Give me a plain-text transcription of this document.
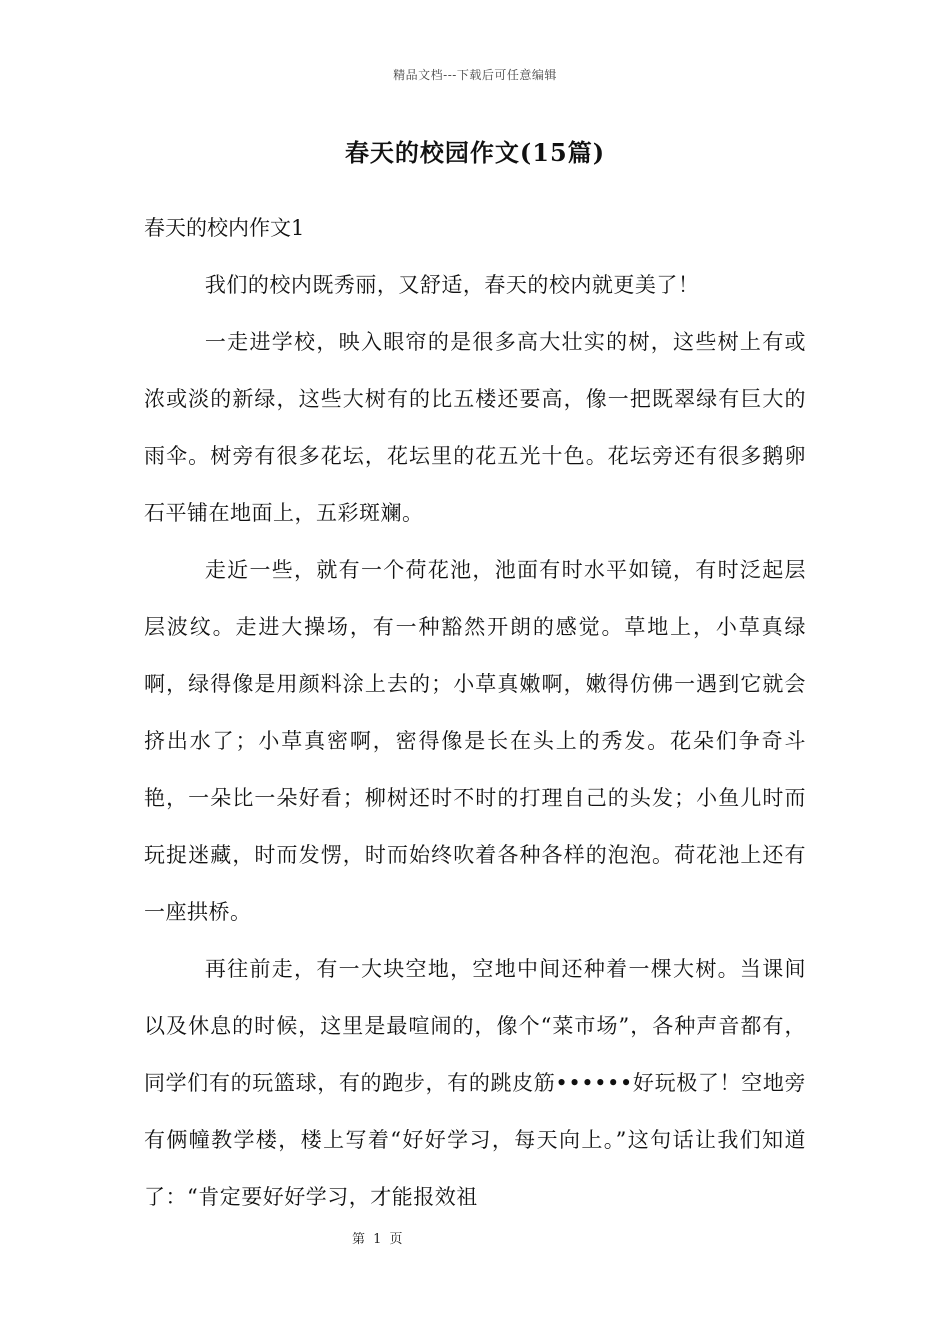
精品文档---下载后可任意编辑
春天的校园作文(15篇)

春天的校内作文1

我们的校内既秀丽，又舒适，春天的校内就更美了！

一走进学校，映入眼帘的是很多高大壮实的树，这些树上有或浓或淡的新绿，这些大树有的比五楼还要高，像一把既翠绿有巨大的雨伞。树旁有很多花坛，花坛里的花五光十色。花坛旁还有很多鹅卵石平铺在地面上，五彩斑斓。

走近一些，就有一个荷花池，池面有时水平如镜，有时泛起层层波纹。走进大操场，有一种豁然开朗的感觉。草地上，小草真绿啊，绿得像是用颜料涂上去的；小草真嫩啊，嫩得仿佛一遇到它就会挤出水了；小草真密啊，密得像是长在头上的秀发。花朵们争奇斗艳，一朵比一朵好看；柳树还时不时的打理自己的头发；小鱼儿时而玩捉迷藏，时而发愣，时而始终吹着各种各样的泡泡。荷花池上还有一座拱桥。

再往前走，有一大块空地，空地中间还种着一棵大树。当课间以及休息的时候，这里是最喧闹的，像个“菜市场”，各种声音都有，同学们有的玩篮球，有的跑步，有的跳皮筋••••••好玩极了！空地旁有俩幢教学楼，楼上写着“好好学习，每天向上。”这句话让我们知道了：“肯定要好好学习，才能报效祖

第 1 页
